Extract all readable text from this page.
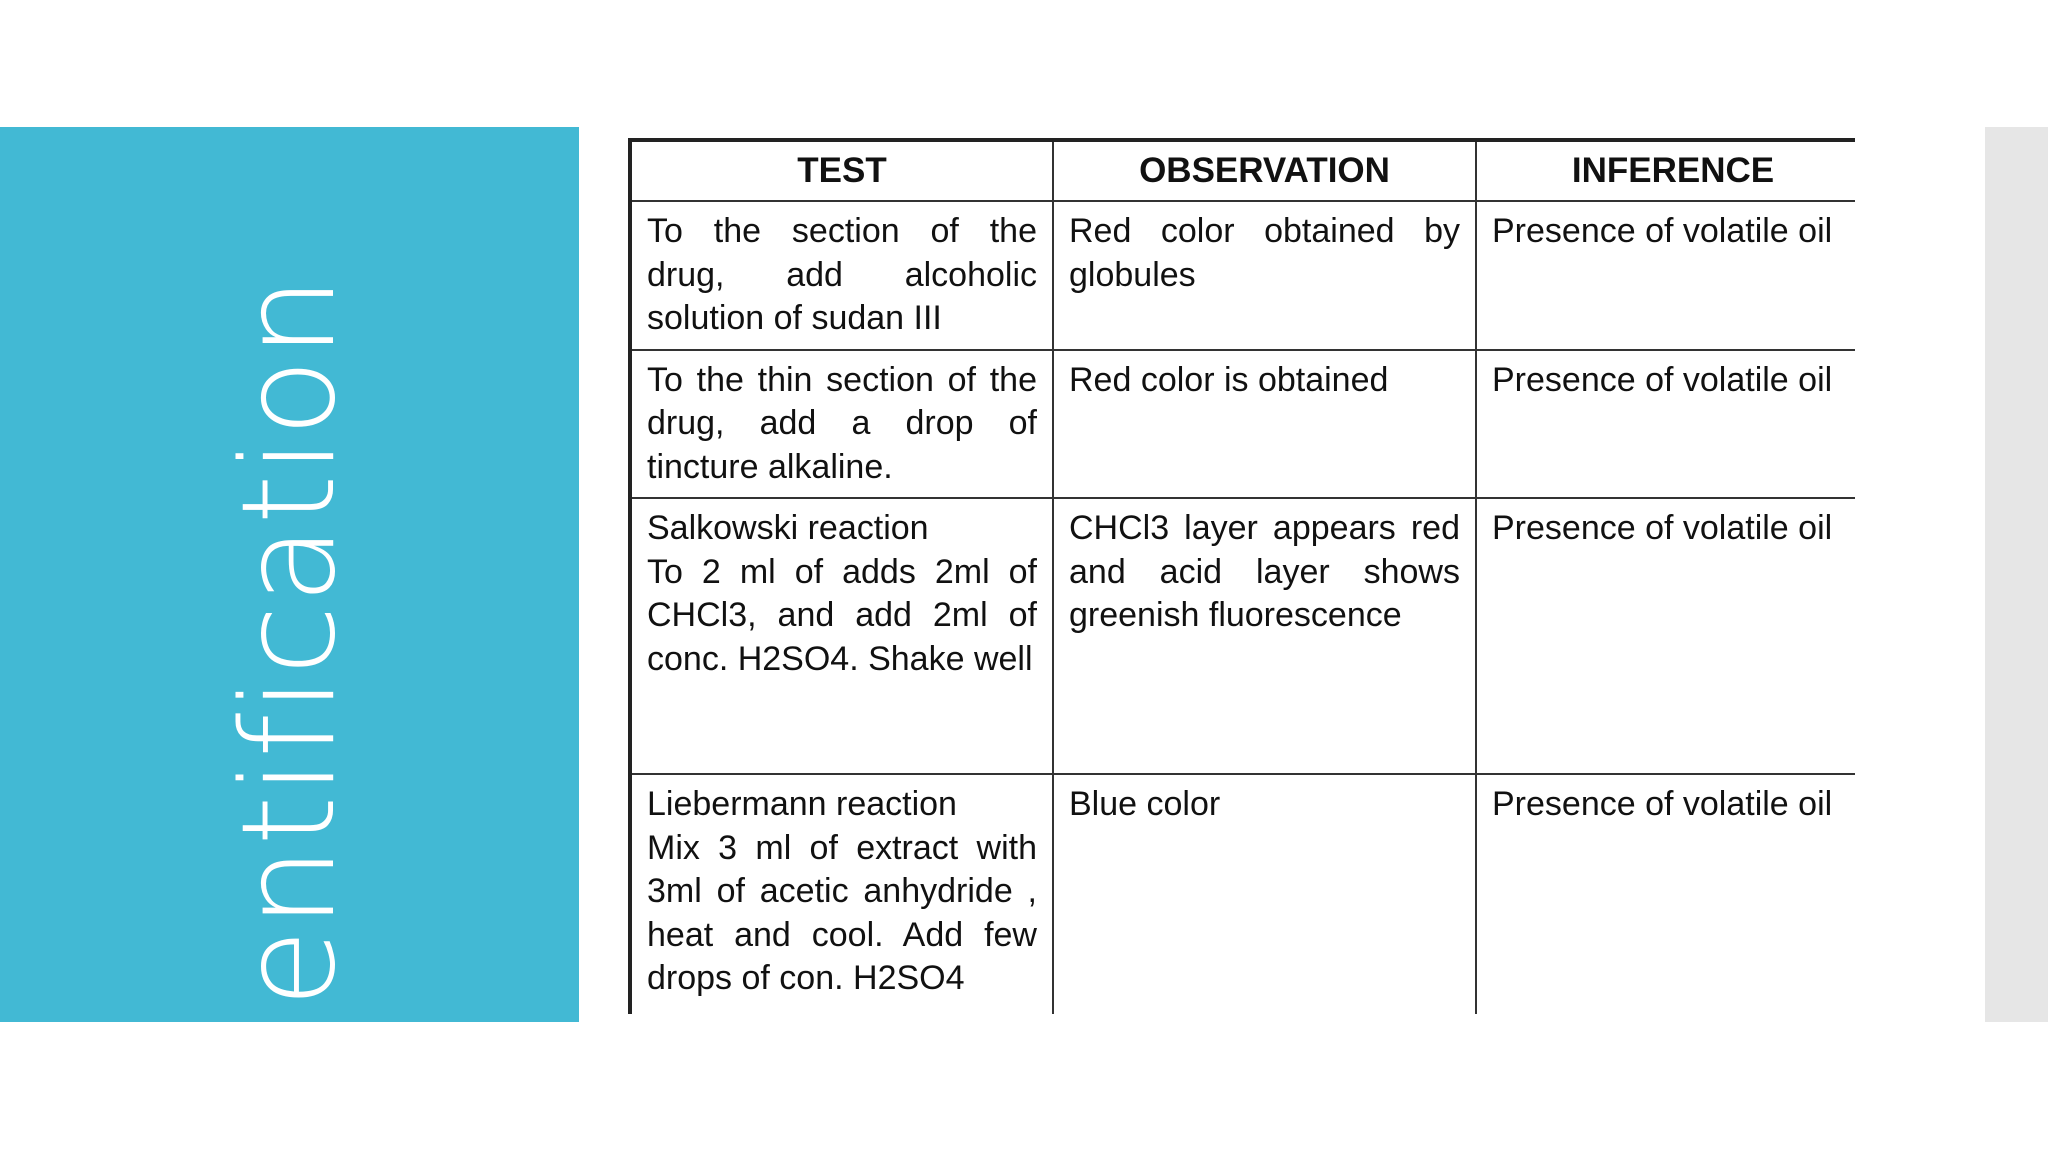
Identification
TEST	OBSERVATION	INFERENCE
To the section of the drug, add alcoholic solution of sudan III	Red color obtained by globules	Presence of volatile oil
To the thin section of the drug, add a drop of tincture alkaline.	Red color is obtained	Presence of volatile oil

Salkowski reaction
To 2 ml of adds 2ml of CHCl3, and add 2ml of conc. H2SO4. Shake well	CHCl3 layer appears red and acid layer shows greenish fluorescence	Presence of volatile oil

Liebermann reaction
Mix 3 ml of extract with 3ml of acetic anhydride , heat and cool. Add few drops of con. H2SO4	Blue color	Presence of volatile oil
